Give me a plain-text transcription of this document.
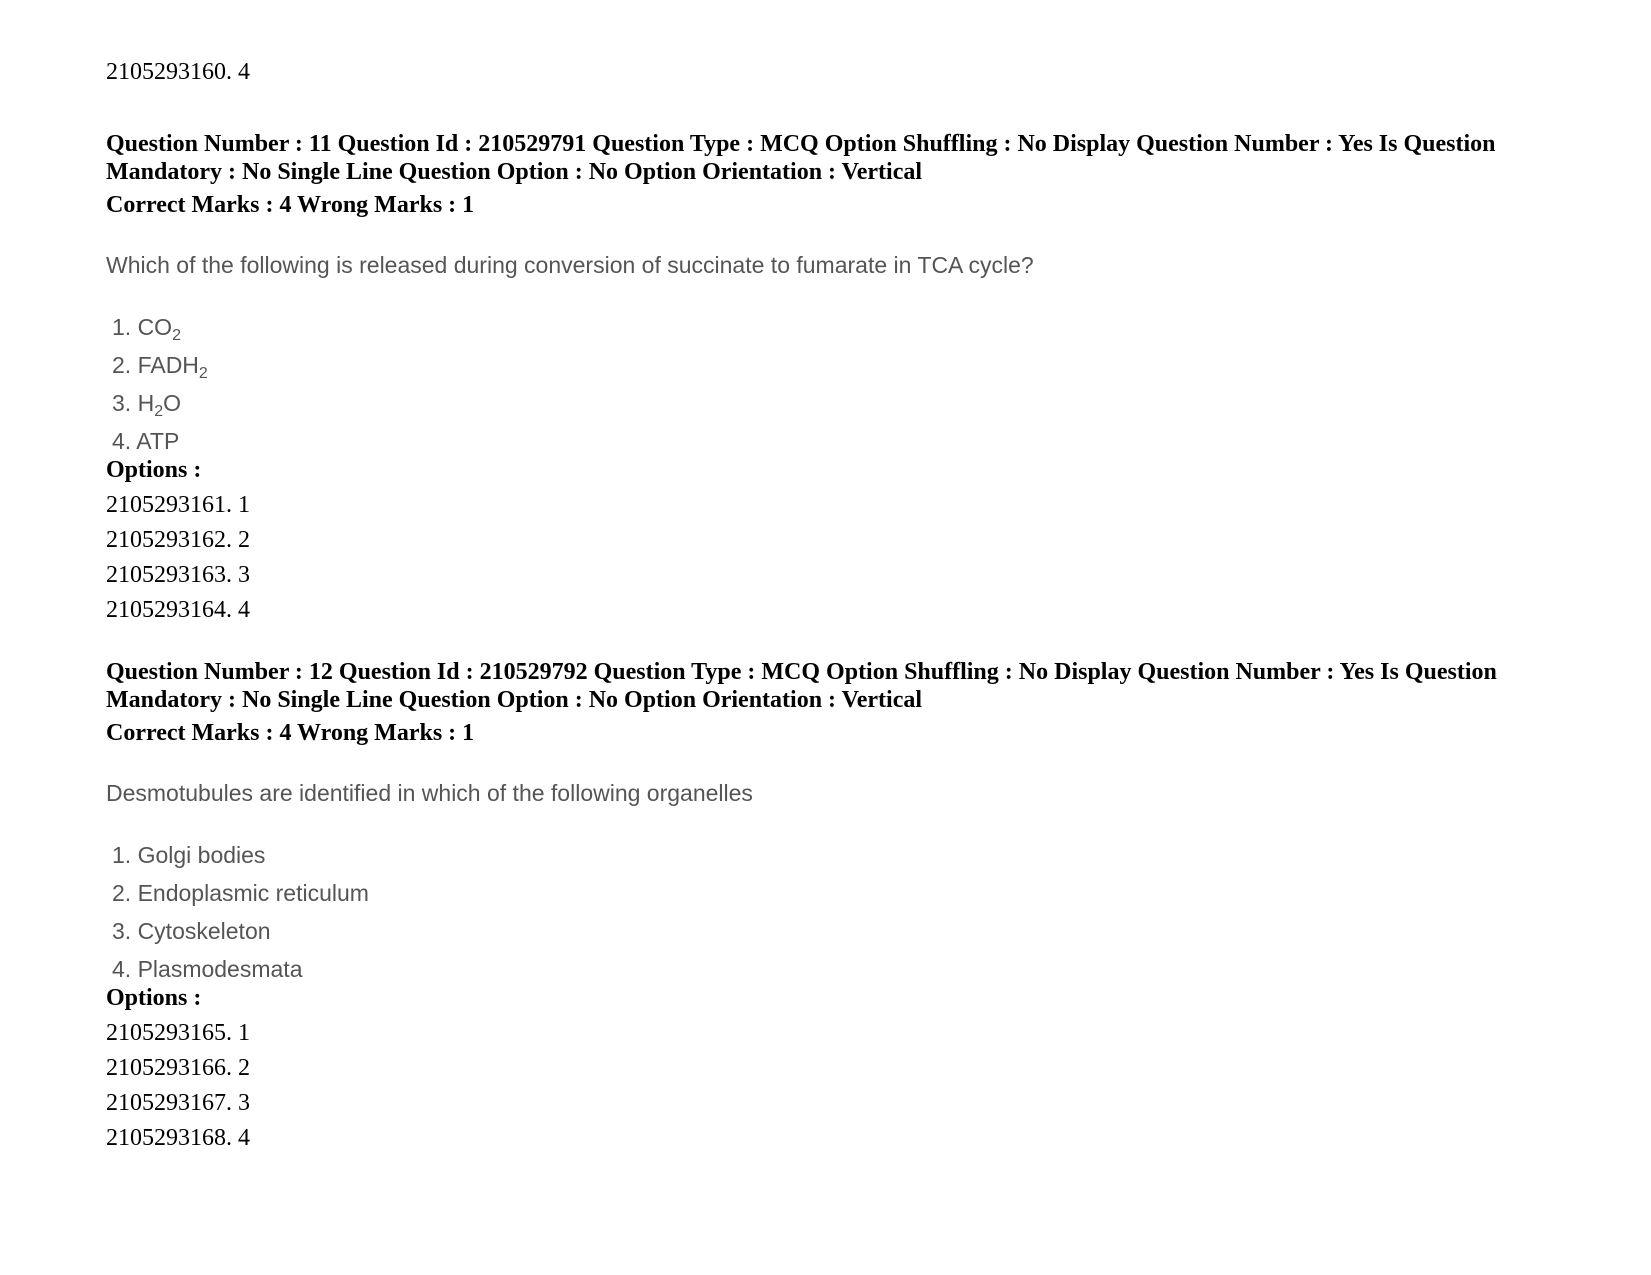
2105293160. 4

Question Number : 11 Question Id : 210529791 Question Type : MCQ Option Shuffling : No Display Question Number : Yes Is Question Mandatory : No Single Line Question Option : No Option Orientation : Vertical

Correct Marks : 4 Wrong Marks : 1

Which of the following is released during conversion of succinate to fumarate in TCA cycle?

1. $CO_2$
2. $FADH_2$
3. $H_2O$
4. ATP

Options :

2105293161. 1

2105293162. 2

2105293163. 3

2105293164. 4

Question Number : 12 Question Id : 210529792 Question Type : MCQ Option Shuffling : No Display Question Number : Yes Is Question Mandatory : No Single Line Question Option : No Option Orientation : Vertical

Correct Marks : 4 Wrong Marks : 1

Desmotubules are identified in which of the following organelles

1. Golgi bodies
2. Endoplasmic reticulum
3. Cytoskeleton
4. Plasmodesmata

Options :

2105293165. 1

2105293166. 2

2105293167. 3

2105293168. 4
